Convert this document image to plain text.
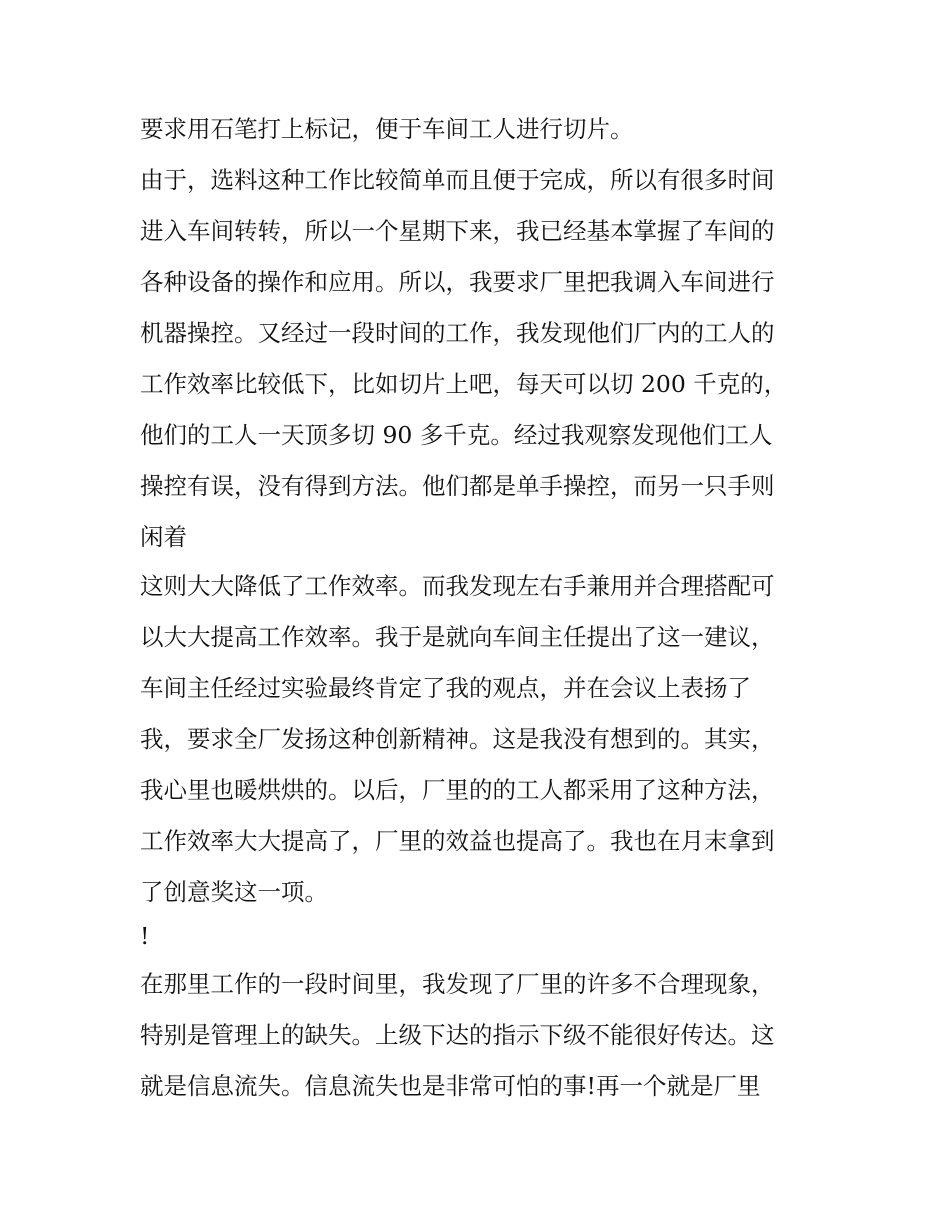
要求用石笔打上标记，便于车间工人进行切片。
由于，选料这种工作比较简单而且便于完成，所以有很多时间
进入车间转转，所以一个星期下来，我已经基本掌握了车间的
各种设备的操作和应用。所以，我要求厂里把我调入车间进行
机器操控。又经过一段时间的工作，我发现他们厂内的工人的
工作效率比较低下，比如切片上吧，每天可以切 200 千克的，
他们的工人一天顶多切 90 多千克。经过我观察发现他们工人
操控有误，没有得到方法。他们都是单手操控，而另一只手则
闲着
这则大大降低了工作效率。而我发现左右手兼用并合理搭配可
以大大提高工作效率。我于是就向车间主任提出了这一建议，
车间主任经过实验最终肯定了我的观点，并在会议上表扬了
我，要求全厂发扬这种创新精神。这是我没有想到的。其实，
我心里也暖烘烘的。以后，厂里的的工人都采用了这种方法，
工作效率大大提高了，厂里的效益也提高了。我也在月末拿到
了创意奖这一项。
!
在那里工作的一段时间里，我发现了厂里的许多不合理现象，
特别是管理上的缺失。上级下达的指示下级不能很好传达。这
就是信息流失。信息流失也是非常可怕的事!再一个就是厂里
